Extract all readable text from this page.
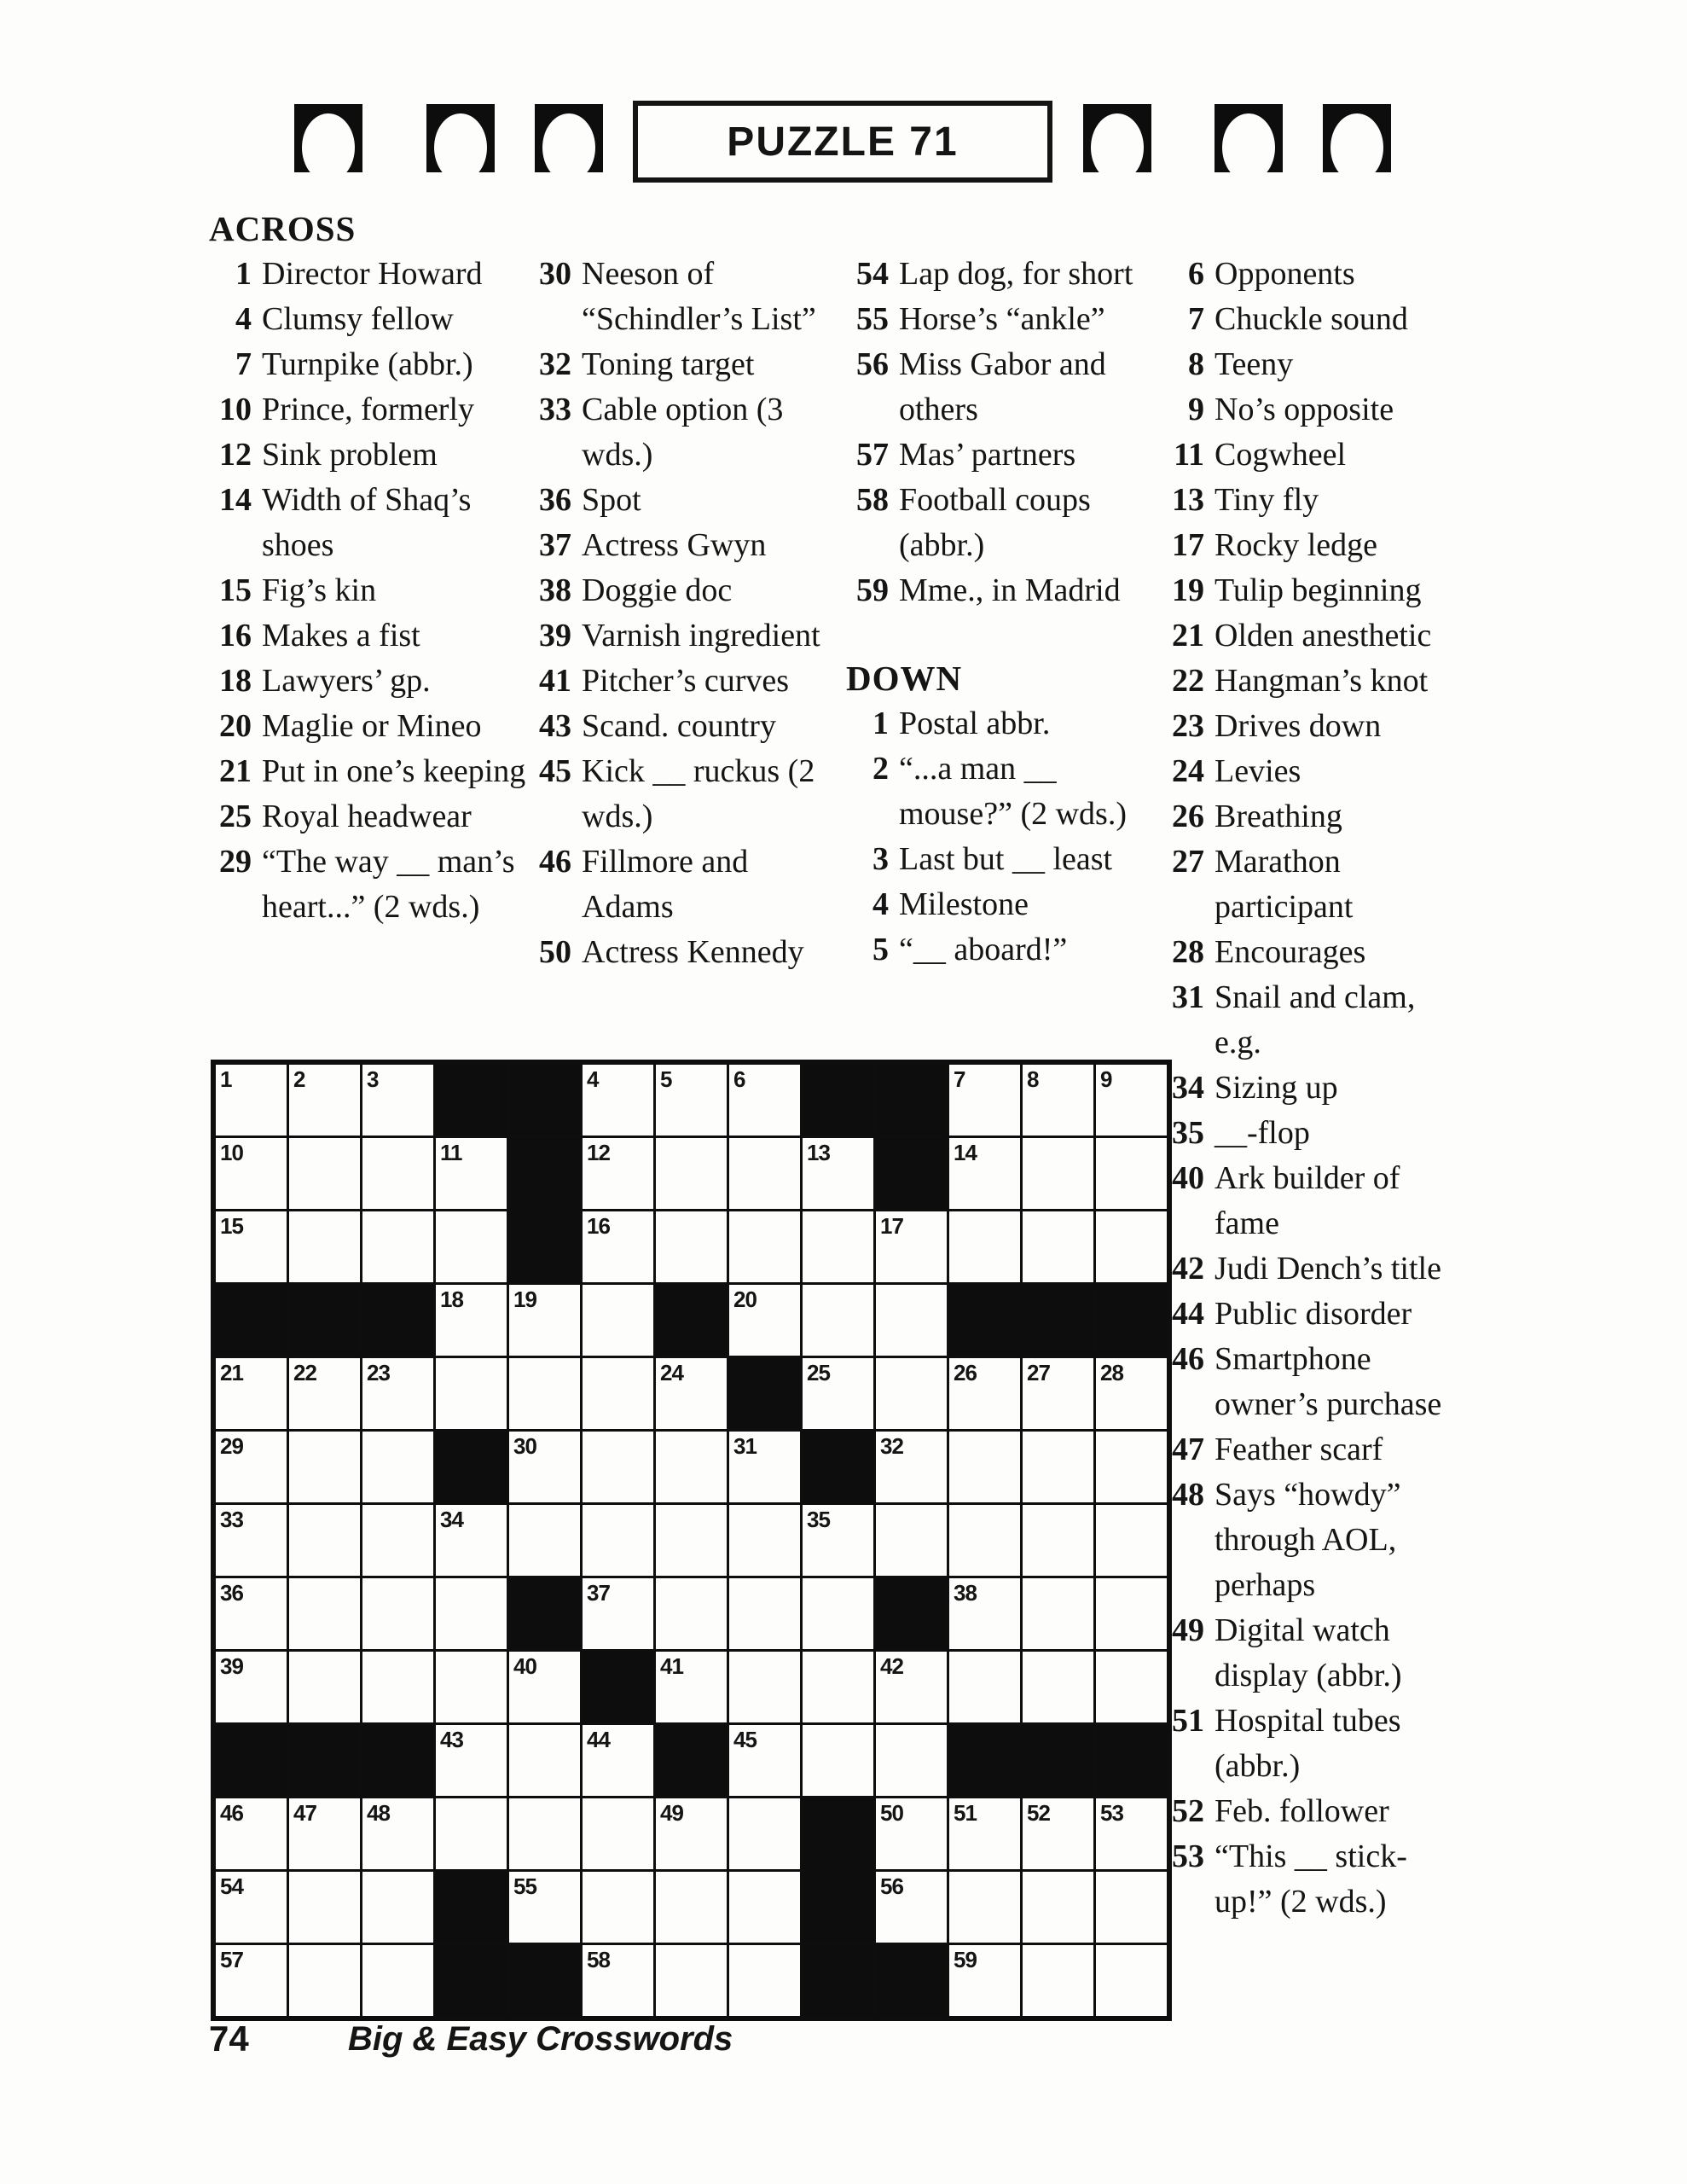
PUZZLE 71
ACROSS
1 Director Howard
4 Clumsy fellow
7 Turnpike (abbr.)
10 Prince, formerly
12 Sink problem
14 Width of Shaq’s shoes
15 Fig’s kin
16 Makes a fist
18 Lawyers’ gp.
20 Maglie or Mineo
21 Put in one’s keeping
25 Royal headwear
29 “The way __ man’s heart...” (2 wds.)
30 Neeson of “Schindler’s List”
32 Toning target
33 Cable option (3 wds.)
36 Spot
37 Actress Gwyn
38 Doggie doc
39 Varnish ingredient
41 Pitcher’s curves
43 Scand. country
45 Kick __ ruckus (2 wds.)
46 Fillmore and Adams
50 Actress Kennedy
54 Lap dog, for short
55 Horse’s “ankle”
56 Miss Gabor and others
57 Mas’ partners
58 Football coups (abbr.)
59 Mme., in Madrid
DOWN
1 Postal abbr.
2 “...a man __ mouse?” (2 wds.)
3 Last but __ least
4 Milestone
5 “__ aboard!”
6 Opponents
7 Chuckle sound
8 Teeny
9 No’s opposite
11 Cogwheel
13 Tiny fly
17 Rocky ledge
19 Tulip beginning
21 Olden anesthetic
22 Hangman’s knot
23 Drives down
24 Levies
26 Breathing
27 Marathon participant
28 Encourages
31 Snail and clam, e.g.
34 Sizing up
35 __-flop
40 Ark builder of fame
42 Judi Dench’s title
44 Public disorder
46 Smartphone owner’s purchase
47 Feather scarf
48 Says “howdy” through AOL, perhaps
49 Digital watch display (abbr.)
51 Hospital tubes (abbr.)
52 Feb. follower
53 “This __ stick-up!” (2 wds.)
1	2	3	4	5	6	7	8	9
10	11	12	13	14
15	16	17
18 19	20
21 22 23	24	25	26 27 28
29	30	31	32
33	34	35
36	37	38
39	40	41	42
43	44	45
46 47 48	49	50 51 52 53
54	55	56
57	58	59
74	Big & Easy Crosswords
